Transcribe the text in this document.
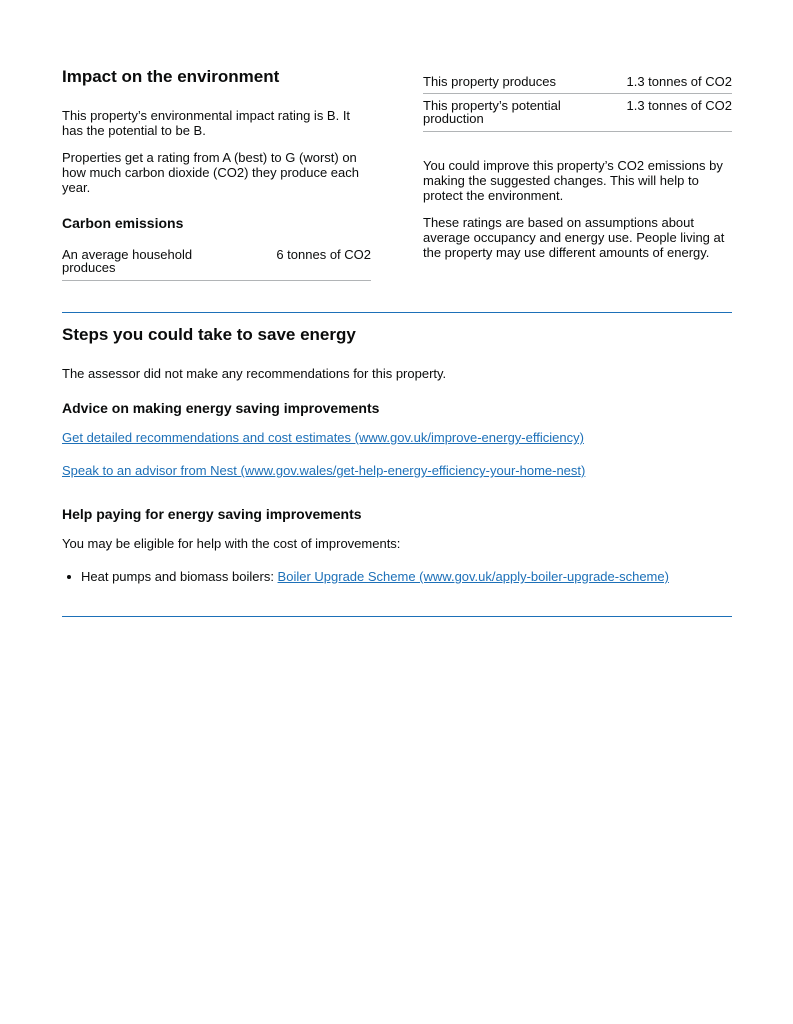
Impact on the environment

This property’s environmental impact rating is B. It has the potential to be B.

Properties get a rating from A (best) to G (worst) on how much carbon dioxide (CO2) they produce each year.

Carbon emissions
An average household produces
6 tonnes of CO2
This property produces	1.3 tonnes of CO2
This property’s potential production
1.3 tonnes of CO2

You could improve this property’s CO2 emissions by making the suggested changes. This will help to protect the environment.

These ratings are based on assumptions about average occupancy and energy use. People living at the property may use different amounts of energy.

Steps you could take to save energy

The assessor did not make any recommendations for this property.

Advice on making energy saving improvements
Get detailed recommendations and cost estimates (www.gov.uk/improve-energy-efficiency)
Speak to an advisor from Nest (www.gov.wales/get-help-energy-efficiency-your-home-nest)
Help paying for energy saving improvements

You may be eligible for help with the cost of improvements:

Heat pumps and biomass boilers: Boiler Upgrade Scheme (www.gov.uk/apply-boiler-upgrade-scheme)
